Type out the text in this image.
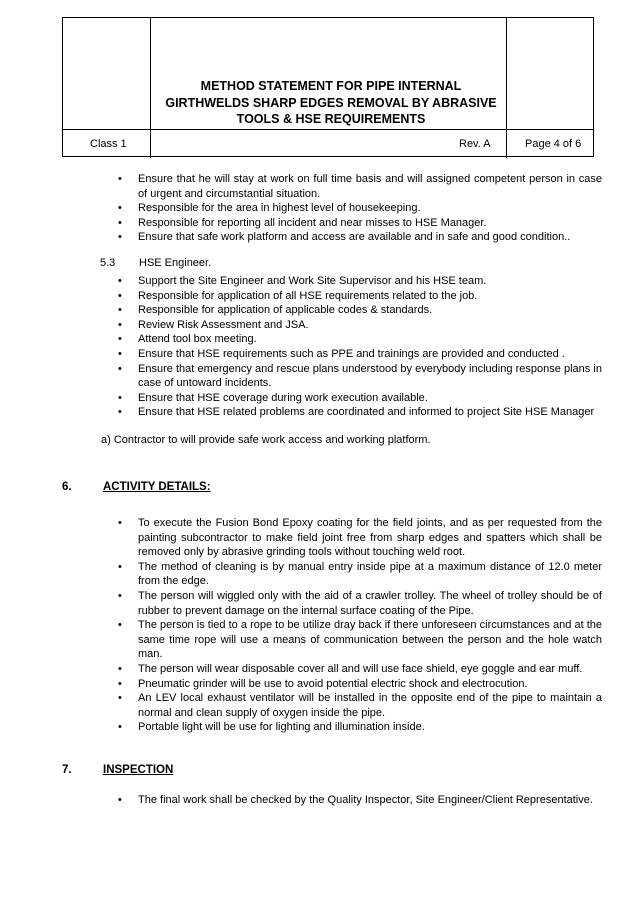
METHOD STATEMENT FOR PIPE INTERNAL
GIRTHWELDS SHARP EDGES REMOVAL BY ABRASIVE
TOOLS & HSE REQUIREMENTS
Class 1	Rev. A	Page 4 of 6
• Ensure that he will stay at work on full time basis and will assigned competent person in case of urgent and circumstantial situation.
• Responsible for the area in highest level of housekeeping.
• Responsible for reporting all incident and near misses to HSE Manager.
• Ensure that safe work platform and access are available and in safe and good condition..
5.3 HSE Engineer.
• Support the Site Engineer and Work Site Supervisor and his HSE team.
• Responsible for application of all HSE requirements related to the job.
• Responsible for application of applicable codes & standards.
• Review Risk Assessment and JSA.
• Attend tool box meeting.
• Ensure that HSE requirements such as PPE and trainings are provided and conducted .
• Ensure that emergency and rescue plans understood by everybody including response plans in case of untoward incidents.
• Ensure that HSE coverage during work execution available.
• Ensure that HSE related problems are coordinated and informed to project Site HSE Manager
a) Contractor to will provide safe work access and working platform.
6.	ACTIVITY DETAILS:
• To execute the Fusion Bond Epoxy coating for the field joints, and as per requested from the painting subcontractor to make field joint free from sharp edges and spatters which shall be removed only by abrasive grinding tools without touching weld root.
• The method of cleaning is by manual entry inside pipe at a maximum distance of 12.0 meter from the edge.
• The person will wiggled only with the aid of a crawler trolley. The wheel of trolley should be of rubber to prevent damage on the internal surface coating of the Pipe.
• The person is tied to a rope to be utilize dray back if there unforeseen circumstances and at the same time rope will use a means of communication between the person and the hole watch man.
• The person will wear disposable cover all and will use face shield, eye goggle and ear muff.
• Pneumatic grinder will be use to avoid potential electric shock and electrocution.
• An LEV local exhaust ventilator will be installed in the opposite end of the pipe to maintain a normal and clean supply of oxygen inside the pipe.
• Portable light will be use for lighting and illumination inside.
7.	INSPECTION
• The final work shall be checked by the Quality Inspector, Site Engineer/Client Representative.
